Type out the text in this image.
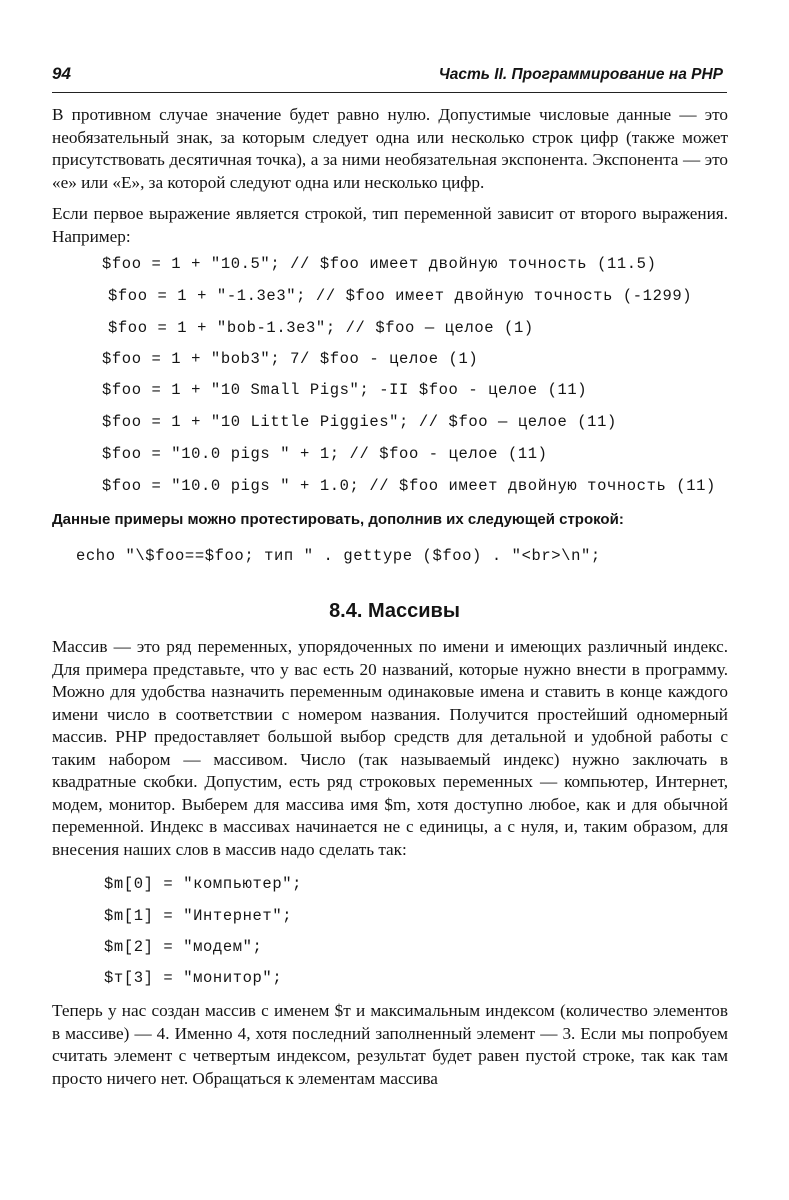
94	Часть II. Программирование на PHP

В противном случае значение будет равно нулю. Допустимые числовые данные — это необязательный знак, за которым следует одна или несколько строк цифр (также может присутствовать десятичная точка), а за ними необязательная экспонента. Экспонента — это «е» или «Е», за которой следуют одна или несколько цифр.

Если первое выражение является строкой, тип переменной зависит от второго выражения. Например:

$foo = 1 + "10.5"; // $foo имеет двойную точность (11.5)
$foo = 1 + "-1.3e3"; // $foo имеет двойную точность (-1299)
$foo = 1 + "bob-1.3e3"; // $foo — целое (1)
$foo = 1 + "bob3"; 7/ $foo - целое (1)
$foo = 1 + "10 Small Pigs"; -II $foo - целое (11)
$foo = 1 + "10 Little Piggies"; // $foo — целое (11)
$foo = "10.0 pigs " + 1; // $foo - целое (11)
$foo = "10.0 pigs " + 1.0; // $foo имеет двойную точность (11)

Данные примеры можно протестировать, дополнив их следующей строкой:

echo "\$foo==$foo; тип " . gettype ($foo) . "<br>\n";
8.4. Массивы

Массив — это ряд переменных, упорядоченных по имени и имеющих различный индекс. Для примера представьте, что у вас есть 20 названий, которые нужно внести в программу. Можно для удобства назначить переменным одинаковые имена и ставить в конце каждого имени число в соответствии с номером названия. Получится простейший одномерный массив. PHP предоставляет большой выбор средств для детальной и удобной работы с таким набором — массивом. Число (так называемый индекс) нужно заключать в квадратные скобки. Допустим, есть ряд строковых переменных — компьютер, Интернет, модем, монитор. Выберем для массива имя $m, хотя доступно любое, как и для обычной переменной. Индекс в массивах начинается не с единицы, а с нуля, и, таким образом, для внесения наших слов в массив надо сделать так:

$m[0] = "компьютер";
$m[1] = "Интернет";
$m[2] = "модем";
$т[3] = "монитор";

Теперь у нас создан массив с именем $т и максимальным индексом (количество элементов в массиве) — 4. Именно 4, хотя последний заполненный элемент — 3. Если мы попробуем считать элемент с четвертым индексом, результат будет равен пустой строке, так как там просто ничего нет. Обращаться к элементам массива
